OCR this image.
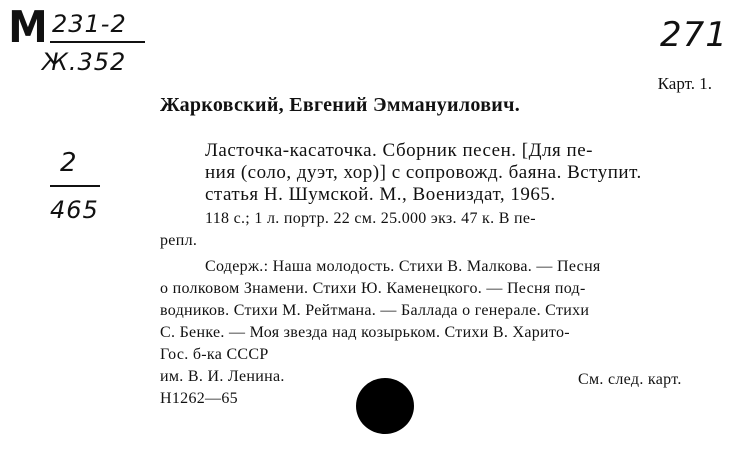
М 231-2
Ж.352
2
465
271
Карт. 1.
Жарковский, Евгений Эммануилович.
Ласточка-касаточка. Сборник песен. [Для пе-
ния (соло, дуэт, хор)] с сопровожд. баяна. Вступит.
статья Н. Шумской. М., Воениздат, 1965.
118 с.; 1 л. портр. 22 см. 25.000 экз. 47 к. В пе-
репл.
Содерж.: Наша молодость. Стихи В. Малкова. — Песня
о полковом Знамени. Стихи Ю. Каменецкого. — Песня под-
водников. Стихи М. Рейтмана. — Баллада о генерале. Стихи
С. Бенке. — Моя звезда над козырьком. Стихи В. Харито-
Гос. б-ка СССР
им. В. И. Ленина.
Н1262—65
См. след. карт.
